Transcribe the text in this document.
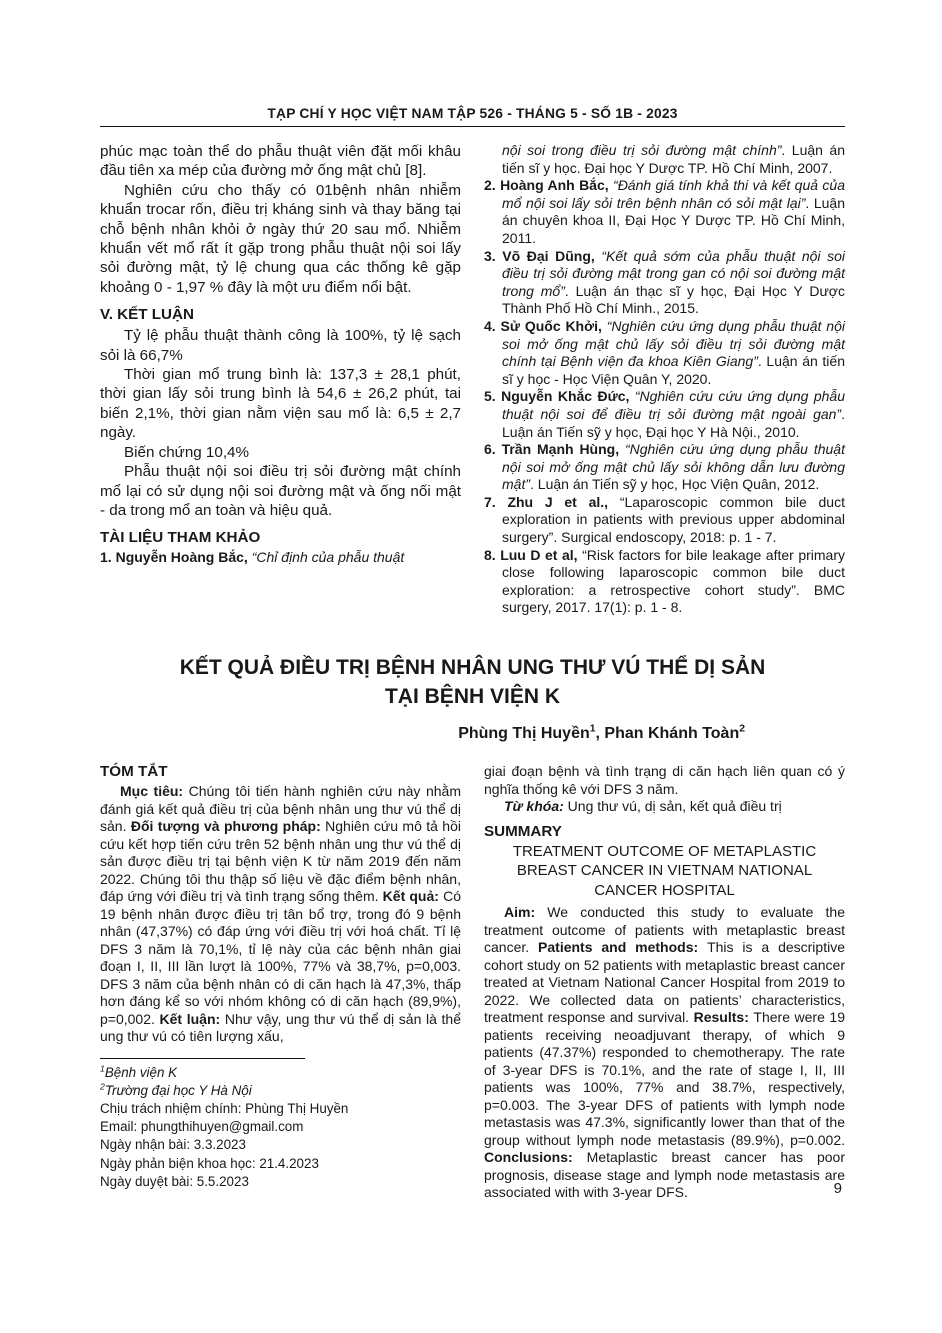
TẠP CHÍ Y HỌC VIỆT NAM TẬP 526 - THÁNG 5 - SỐ 1B - 2023

phúc mạc toàn thể do phẫu thuật viên đặt mối khâu đầu tiên xa mép của đường mở ống mật chủ [8].

Nghiên cứu cho thấy có 01bệnh nhân nhiễm khuẩn trocar rốn, điều trị kháng sinh và thay băng tại chỗ bệnh nhân khỏi ở ngày thứ 20 sau mổ. Nhiễm khuẩn vết mổ rất ít gặp trong phẫu thuật nội soi lấy sỏi đường mật, tỷ lệ chung qua các thống kê gặp khoảng 0 - 1,97 % đây là một ưu điểm nổi bật.

V. KẾT LUẬN

Tỷ lệ phẫu thuật thành công là 100%, tỷ lệ sạch sỏi là 66,7%

Thời gian mổ trung bình là: 137,3 ± 28,1 phút, thời gian lấy sỏi trung bình là 54,6 ± 26,2 phút, tai biến 2,1%, thời gian nằm viện sau mổ là: 6,5 ± 2,7 ngày.

Biến chứng 10,4%

Phẫu thuật nội soi điều trị sỏi đường mật chính mổ lại có sử dụng nội soi đường mật và ống nối mật - da trong mổ an toàn và hiệu quả.

TÀI LIỆU THAM KHẢO
1. Nguyễn Hoàng Bắc, “Chỉ định của phẫu thuật
nội soi trong điều trị sỏi đường mật chính”. Luận án tiến sĩ y học. Đại học Y Dược TP. Hồ Chí Minh, 2007.
2. Hoàng Anh Bắc, “Đánh giá tính khả thi và kết quả của mổ nội soi lấy sỏi trên bệnh nhân có sỏi mật lại”. Luận án chuyên khoa II, Đại Học Y Dược TP. Hồ Chí Minh, 2011.
3. Võ Đại Dũng, “Kết quả sớm của phẫu thuật nội soi điều trị sỏi đường mật trong gan có nội soi đường mật trong mổ”. Luận án thạc sĩ y học, Đại Học Y Dược Thành Phố Hồ Chí Minh., 2015.
4. Sử Quốc Khởi, “Nghiên cứu ứng dụng phẫu thuật nội soi mở ống mật chủ lấy sỏi điều trị sỏi đường mật chính tại Bệnh viện đa khoa Kiên Giang”. Luận án tiến sĩ y học - Học Viện Quân Y, 2020.
5. Nguyễn Khắc Đức, “Nghiên cứu cứu ứng dụng phẫu thuật nội soi để điều trị sỏi đường mật ngoài gan”. Luận án Tiến sỹ y học, Đại học Y Hà Nội., 2010.
6. Trần Mạnh Hùng, “Nghiên cứu ứng dụng phẫu thuật nội soi mở ống mật chủ lấy sỏi không dẫn lưu đường mật”. Luận án Tiến sỹ y học, Học Viện Quân, 2012.
7. Zhu J et al., “Laparoscopic common bile duct exploration in patients with previous upper abdominal surgery”. Surgical endoscopy, 2018: p. 1 - 7.
8. Luu D et al, “Risk factors for bile leakage after primary close following laparoscopic common bile duct exploration: a retrospective cohort study”. BMC surgery, 2017. 17(1): p. 1 - 8.
KẾT QUẢ ĐIỀU TRỊ BỆNH NHÂN UNG THƯ VÚ THỂ DỊ SẢN
TẠI BỆNH VIỆN K
Phùng Thị Huyền$^1$, Phan Khánh Toàn$^2$
TÓM TẮT

Mục tiêu: Chúng tôi tiến hành nghiên cứu này nhằm đánh giá kết quả điều trị của bệnh nhân ung thư vú thể dị sản. Đối tượng và phương pháp: Nghiên cứu mô tả hồi cứu kết hợp tiến cứu trên 52 bệnh nhân ung thư vú thể dị sản được điều trị tại bệnh viện K từ năm 2019 đến năm 2022. Chúng tôi thu thập số liệu về đặc điểm bệnh nhân, đáp ứng với điều trị và tình trạng sống thêm. Kết quả: Có 19 bệnh nhân được điều trị tân bổ trợ, trong đó 9 bệnh nhân (47,37%) có đáp ứng với điều trị với hoá chất. Tỉ lệ DFS 3 năm là 70,1%, tỉ lệ này của các bệnh nhân giai đoạn I, II, III lần lượt là 100%, 77% và 38,7%, p=0,003. DFS 3 năm của bệnh nhân có di căn hạch là 47,3%, thấp hơn đáng kể so với nhóm không có di căn hạch (89,9%), p=0,002. Kết luận: Như vậy, ung thư vú thể dị sản là thể ung thư vú có tiên lượng xấu,

$^1$Bệnh viện K
$^2$Trường đại học Y Hà Nội
Chịu trách nhiệm chính: Phùng Thị Huyền
Email: phungthihuyen@gmail.com
Ngày nhận bài: 3.3.2023
Ngày phản biện khoa học: 21.4.2023
Ngày duyệt bài: 5.5.2023

giai đoạn bệnh và tình trạng di căn hạch liên quan có ý nghĩa thống kê với DFS 3 năm.

Từ khóa: Ung thư vú, dị sản, kết quả điều trị

SUMMARY
TREATMENT OUTCOME OF METAPLASTIC BREAST CANCER IN VIETNAM NATIONAL CANCER HOSPITAL

Aim: We conducted this study to evaluate the treatment outcome of patients with metaplastic breast cancer. Patients and methods: This is a descriptive cohort study on 52 patients with metaplastic breast cancer treated at Vietnam National Cancer Hospital from 2019 to 2022. We collected data on patients’ characteristics, treatment response and survival. Results: There were 19 patients receiving neoadjuvant therapy, of which 9 patients (47.37%) responded to chemotherapy. The rate of 3-year DFS is 70.1%, and the rate of stage I, II, III patients was 100%, 77% and 38.7%, respectively, p=0.003. The 3-year DFS of patients with lymph node metastasis was 47.3%, significantly lower than that of the group without lymph node metastasis (89.9%), p=0.002. Conclusions: Metaplastic breast cancer has poor prognosis, disease stage and lymph node metastasis are associated with with 3-year DFS.	9
